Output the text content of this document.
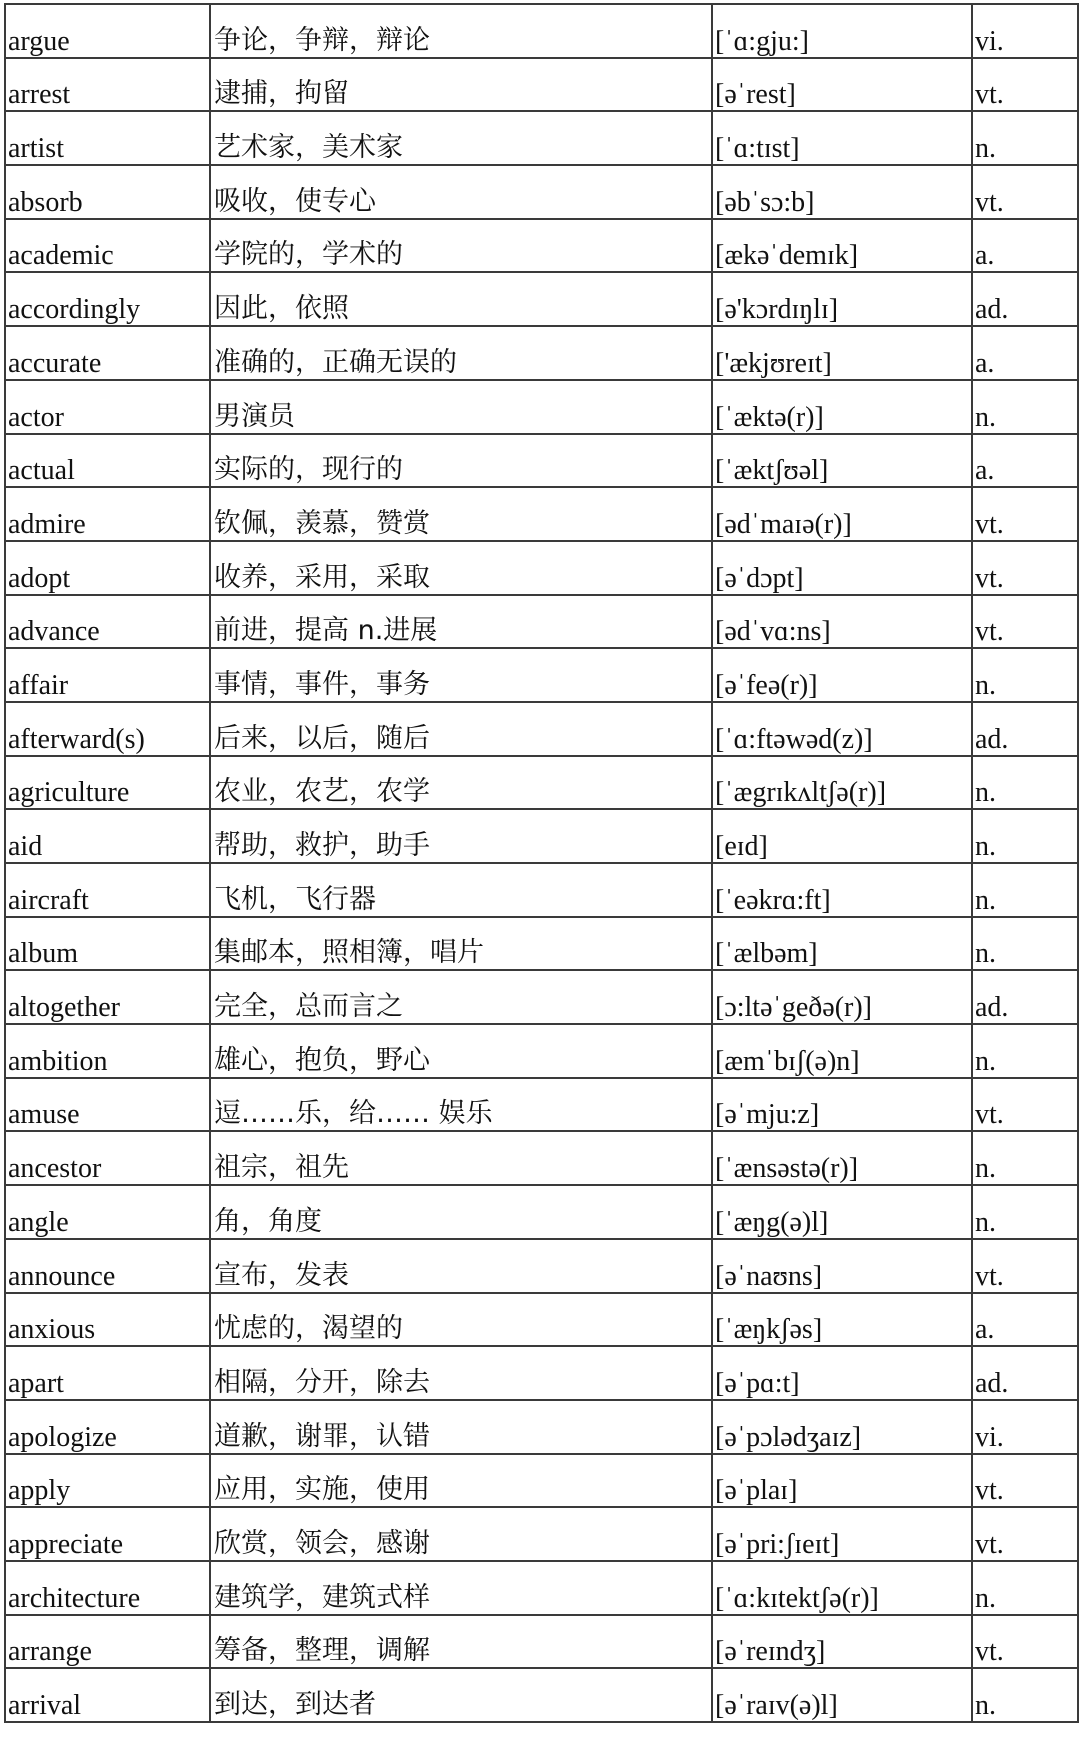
argue	争论，争辩，辩论	[ˈɑ:gju:]	vi.
arrest	逮捕，拘留	[əˈrest]	vt.
artist	艺术家，美术家	[ˈɑ:tɪst]	n.
absorb	吸收，使专心	[əbˈsɔ:b]	vt.
academic	学院的，学术的	[ækəˈdemɪk]	a.
accordingly	因此，依照	[ə'kɔrdɪŋlɪ]	ad.
accurate	准确的，正确无误的	['ækjʊreɪt]	a.
actor	男演员	[ˈæktə(r)]	n.
actual	实际的，现行的	[ˈæktʃʊəl]	a.
admire	钦佩，羡慕，赞赏	[ədˈmaɪə(r)]	vt.
adopt	收养，采用，采取	[əˈdɔpt]	vt.
advance	前进，提高 n.进展	[ədˈvɑ:ns]	vt.
affair	事情，事件，事务	[əˈfeə(r)]	n.
afterward(s)	后来，以后，随后	[ˈɑ:ftəwəd(z)]	ad.
agriculture	农业，农艺，农学	[ˈægrɪkʌltʃə(r)]	n.
aid	帮助，救护，助手	[eɪd]	n.
aircraft	飞机，飞行器	[ˈeəkrɑ:ft]	n.
album	集邮本，照相簿，唱片	[ˈælbəm]	n.
altogether	完全，总而言之	[ɔ:ltəˈgeðə(r)]	ad.
ambition	雄心，抱负，野心	[æmˈbɪʃ(ə)n]	n.
amuse	逗……乐，给…… 娱乐	[əˈmju:z]	vt.
ancestor	祖宗，祖先	[ˈænsəstə(r)]	n.
angle	角，角度	[ˈæŋg(ə)l]	n.
announce	宣布，发表	[əˈnaʊns]	vt.
anxious	忧虑的，渴望的	[ˈæŋkʃəs]	a.
apart	相隔，分开，除去	[əˈpɑ:t]	ad.
apologize	道歉，谢罪，认错	[əˈpɔlədʒaɪz]	vi.
apply	应用，实施，使用	[əˈplaɪ]	vt.
appreciate	欣赏，领会，感谢	[əˈpri:ʃɪeɪt]	vt.
architecture	建筑学，建筑式样	[ˈɑ:kɪtektʃə(r)]	n.
arrange	筹备，整理，调解	[əˈreɪndʒ]	vt.
arrival	到达，到达者	[əˈraɪv(ə)l]	n.
